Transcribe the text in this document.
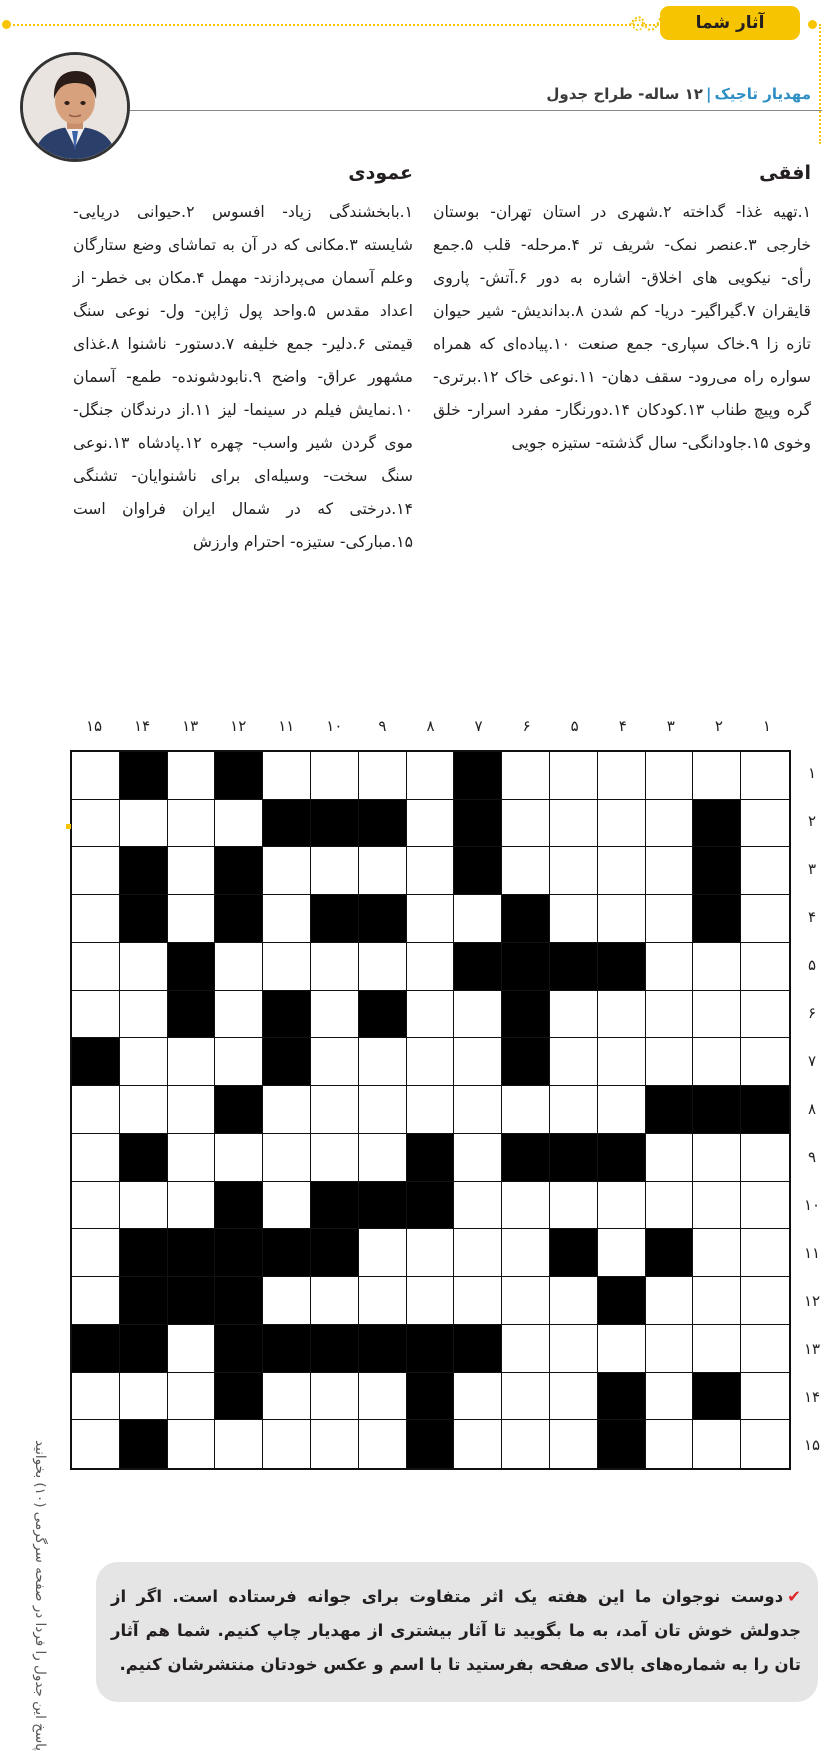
آثار شما
مهدیار تاجیک|۱۲ ساله- طراح جدول
افقی
عمودی
۱.تهیه غذا- گداخته ۲.شهری در استان تهران- بوستان خارجی ۳.عنصر نمک- شریف تر ۴.مرحله- قلب ۵.جمع رأی- نیکویی های اخلاق- اشاره به دور ۶.آتش- پاروی قایقران ۷.گیراگیر- دریا- کم شدن ۸.بداندیش- شیر حیوان تازه زا ۹.خاک سپاری- جمع صنعت ۱۰.پیاده‌ای که همراه سواره راه می‌رود- سقف دهان- ۱۱.نوعی خاک ۱۲.برتری- گره وپیچ طناب ۱۳.کودکان ۱۴.دورنگار- مفرد اسرار- خلق وخوی ۱۵.جاودانگی- سال گذشته- ستیزه جویی
۱.بابخشندگی زیاد- افسوس ۲.حیوانی دریایی- شایسته ۳.مکانی که در آن به تماشای وضع ستارگان وعلم آسمان می‌پردازند- مهمل ۴.مکان بی خطر- از اعداد مقدس ۵.واحد پول ژاپن- ول- نوعی سنگ قیمتی ۶.دلیر- جمع خلیفه ۷.دستور- ناشنوا ۸.غذای مشهور عراق- واضح ۹.نابودشونده- طمع- آسمان ۱۰.نمایش فیلم در سینما- لیز ۱۱.از درندگان جنگل- موی گردن شیر واسب- چهره ۱۲.پادشاه ۱۳.نوعی سنگ سخت- وسیله‌ای برای ناشنوایان- تشنگی ۱۴.درختی که در شمال ایران فراوان است ۱۵.مبارکی- ستیزه- احترام وارزش
۱۵	۱۴	۱۳	۱۲	۱۱	۱۰	۹	۸	۷	۶	۵	۴	۳	۲	۱
۱
۲
۳
۴
۵
۶
۷
۸
۹
۱۰
۱۱
۱۲
۱۳
۱۴
۱۵
پاسخ این جدول را فردا در صفحه سرگرمی (۱۰) بخوانید	✔دوست نوجوان ما این هفته یک اثر متفاوت برای جوانه فرستاده است. اگر از جدولش خوش تان آمد، به ما بگویید تا آثار بیشتری از مهدیار چاپ کنیم. شما هم آثار تان را به شماره‌های بالای صفحه بفرستید تا با اسم و عکس خودتان منتشرشان کنیم.
